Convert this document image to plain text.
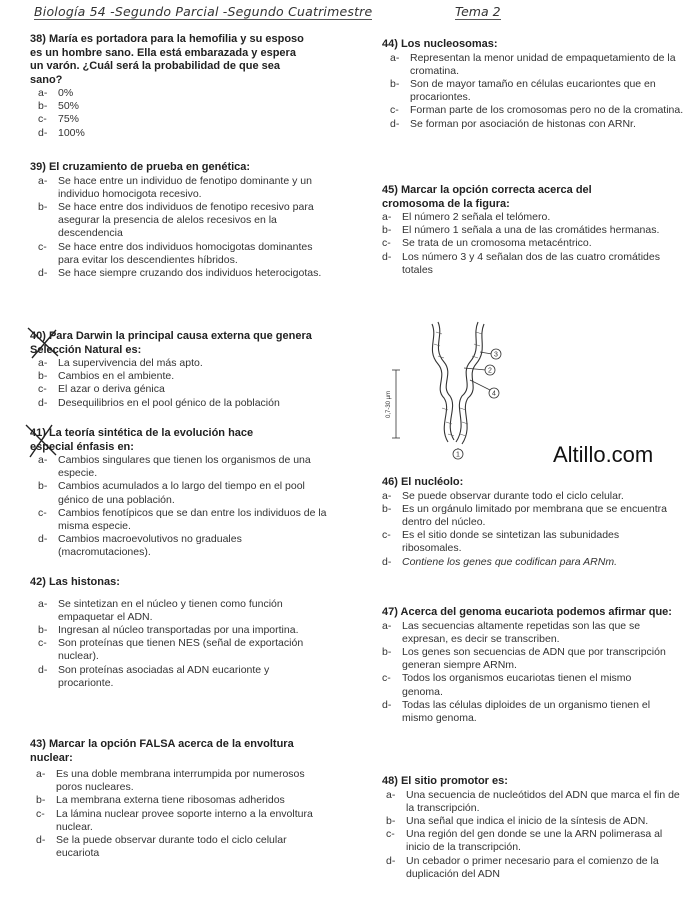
Biología 54 -Segundo Parcial -Segundo Cuatrimestre	Tema 2
38) María es portadora para la hemofilia y su esposo es un hombre sano. Ella está embarazada y espera un varón. ¿Cuál será la probabilidad de que sea sano?
a-	0%
b-	50%
c-	75%
d-	100%
39) El cruzamiento de prueba en genética:
a-	Se hace entre un individuo de fenotipo dominante y un individuo homocigota recesivo.
b-	Se hace entre dos individuos de fenotipo recesivo para asegurar la presencia de alelos recesivos en la descendencia
c-	Se hace entre dos individuos homocigotas dominantes para evitar los descendientes híbridos.
d-	Se hace siempre cruzando dos individuos heterocigotas.
40) Para Darwin la principal causa externa que genera Selección Natural es:
a-	La supervivencia del más apto.
b-	Cambios en el ambiente.
c-	El azar o deriva génica
d-	Desequilibrios en el pool génico de la población
41) La teoría sintética de la evolución hace especial énfasis en:
a-	Cambios singulares que tienen los organismos de una especie.
b-	Cambios acumulados a lo largo del tiempo en el pool génico de una población.
c-	Cambios fenotípicos que se dan entre los individuos de la misma especie.
d-	Cambios macroevolutivos no graduales (macromutaciones).
42) Las histonas:
a-	Se sintetizan en el núcleo y tienen como función empaquetar el ADN.
b-	Ingresan al núcleo transportadas por una importina.
c-	Son proteínas que tienen NES (señal de exportación nuclear).
d-	Son proteínas asociadas al ADN eucarionte y procarionte.
43) Marcar la opción FALSA acerca de la envoltura nuclear:
a-	Es una doble membrana interrumpida por numerosos poros nucleares.
b-	La membrana externa tiene ribosomas adheridos
c-	La lámina nuclear provee soporte interno a la envoltura nuclear.
d-	Se la puede observar durante todo el ciclo celular eucariota
44) Los nucleosomas:
a-	Representan la menor unidad de empaquetamiento de la cromatina.
b-	Son de mayor tamaño en células eucariontes que en procariontes.
c-	Forman parte de los cromosomas pero no de la cromatina.
d-	Se forman por asociación de histonas con ARNr.
45) Marcar la opción correcta acerca del cromosoma de la figura:
a-	El número 2 señala el telómero.
b-	El número 1 señala a una de las cromátides hermanas.
c-	Se trata de un cromosoma metacéntrico.
d-	Los número 3 y 4 señalan dos de las cuatro cromátides totales
46) El nucléolo:
a-	Se puede observar durante todo el ciclo celular.
b-	Es un orgánulo limitado por membrana que se encuentra dentro del núcleo.
c-	Es el sitio donde se sintetizan las subunidades ribosomales.
d-	Contiene los genes que codifican para ARNm.
47) Acerca del genoma eucariota podemos afirmar que:
a-	Las secuencias altamente repetidas son las que se expresan, es decir se transcriben.
b-	Los genes son secuencias de ADN que por transcripción generan siempre ARNm.
c-	Todos los organismos eucariotas tienen el mismo genoma.
d-	Todas las células diploides de un organismo tienen el mismo genoma.
48) El sitio promotor es:
a-	Una secuencia de nucleótidos del ADN que marca el fin de la transcripción.
b-	Una señal que indica el inicio de la síntesis de ADN.
c-	Una región del gen donde se une la ARN polimerasa al inicio de la transcripción.
d-	Un cebador o primer necesario para el comienzo de la duplicación del ADN
0,7-30 µm
3
2
4
1	Altillo.com
